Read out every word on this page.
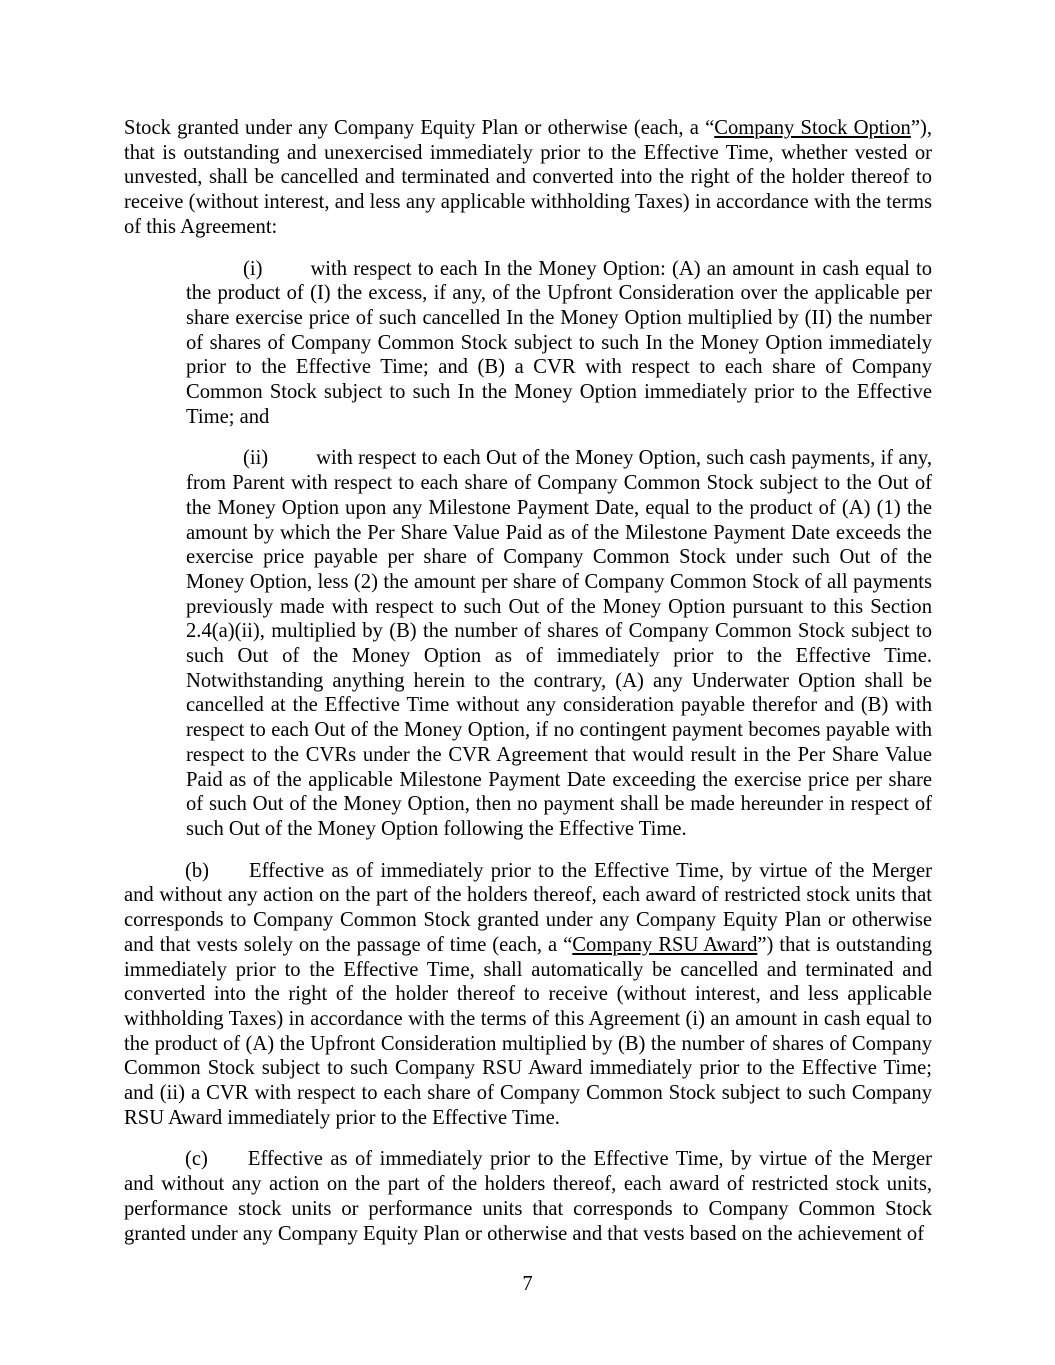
Stock granted under any Company Equity Plan or otherwise (each, a “Company Stock Option”), that is outstanding and unexercised immediately prior to the Effective Time, whether vested or unvested, shall be cancelled and terminated and converted into the right of the holder thereof to receive (without interest, and less any applicable withholding Taxes) in accordance with the terms of this Agreement:

(i) with respect to each In the Money Option: (A) an amount in cash equal to the product of (I) the excess, if any, of the Upfront Consideration over the applicable per share exercise price of such cancelled In the Money Option multiplied by (II) the number of shares of Company Common Stock subject to such In the Money Option immediately prior to the Effective Time; and (B) a CVR with respect to each share of Company Common Stock subject to such In the Money Option immediately prior to the Effective Time; and

(ii) with respect to each Out of the Money Option, such cash payments, if any, from Parent with respect to each share of Company Common Stock subject to the Out of the Money Option upon any Milestone Payment Date, equal to the product of (A) (1) the amount by which the Per Share Value Paid as of the Milestone Payment Date exceeds the exercise price payable per share of Company Common Stock under such Out of the Money Option, less (2) the amount per share of Company Common Stock of all payments previously made with respect to such Out of the Money Option pursuant to this Section 2.4(a)(ii), multiplied by (B) the number of shares of Company Common Stock subject to such Out of the Money Option as of immediately prior to the Effective Time. Notwithstanding anything herein to the contrary, (A) any Underwater Option shall be cancelled at the Effective Time without any consideration payable therefor and (B) with respect to each Out of the Money Option, if no contingent payment becomes payable with respect to the CVRs under the CVR Agreement that would result in the Per Share Value Paid as of the applicable Milestone Payment Date exceeding the exercise price per share of such Out of the Money Option, then no payment shall be made hereunder in respect of such Out of the Money Option following the Effective Time.

(b) Effective as of immediately prior to the Effective Time, by virtue of the Merger and without any action on the part of the holders thereof, each award of restricted stock units that corresponds to Company Common Stock granted under any Company Equity Plan or otherwise and that vests solely on the passage of time (each, a “Company RSU Award”) that is outstanding immediately prior to the Effective Time, shall automatically be cancelled and terminated and converted into the right of the holder thereof to receive (without interest, and less applicable withholding Taxes) in accordance with the terms of this Agreement (i) an amount in cash equal to the product of (A) the Upfront Consideration multiplied by (B) the number of shares of Company Common Stock subject to such Company RSU Award immediately prior to the Effective Time; and (ii) a CVR with respect to each share of Company Common Stock subject to such Company RSU Award immediately prior to the Effective Time.

(c) Effective as of immediately prior to the Effective Time, by virtue of the Merger and without any action on the part of the holders thereof, each award of restricted stock units, performance stock units or performance units that corresponds to Company Common Stock granted under any Company Equity Plan or otherwise and that vests based on the achievement of

7
